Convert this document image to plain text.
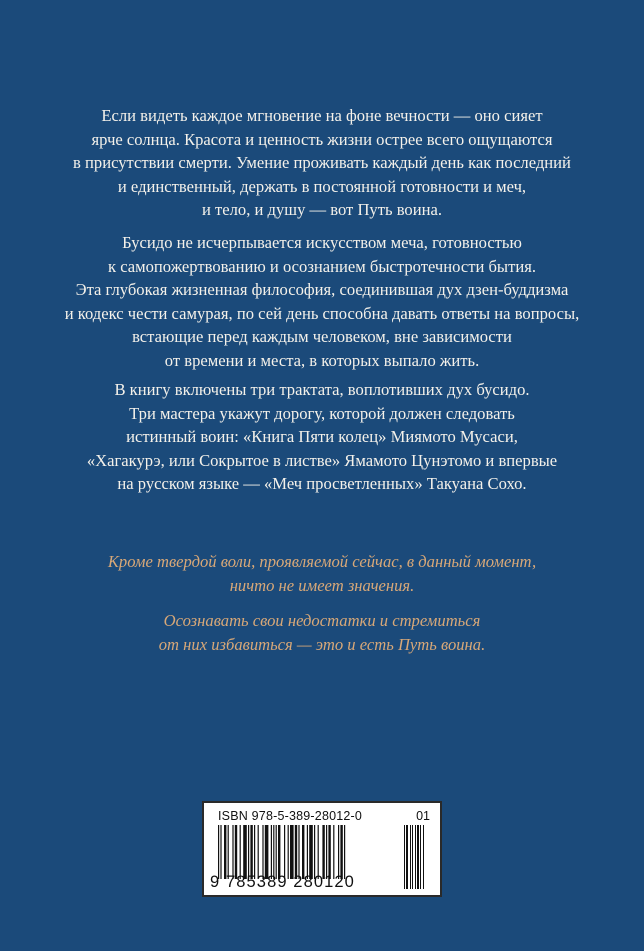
Если видеть каждое мгновение на фоне вечности — оно сияет
ярче солнца. Красота и ценность жизни острее всего ощущаются
в присутствии смерти. Умение проживать каждый день как последний
и единственный, держать в постоянной готовности и меч,
и тело, и душу — вот Путь воина.
Бусидо не исчерпывается искусством меча, готовностью
к самопожертвованию и осознанием быстротечности бытия.
Эта глубокая жизненная философия, соединившая дух дзен-буддизма
и кодекс чести самурая, по сей день способна давать ответы на вопросы,
встающие перед каждым человеком, вне зависимости
от времени и места, в которых выпало жить.
В книгу включены три трактата, воплотивших дух бусидо.
Три мастера укажут дорогу, которой должен следовать
истинный воин: «Книга Пяти колец» Миямото Мусаси,
«Хагакурэ, или Сокрытое в листве» Ямамото Цунэтомо и впервые
на русском языке — «Меч просветленных» Такуана Сохо.
Кроме твердой воли, проявляемой сейчас, в данный момент,
ничто не имеет значения.
Осознавать свои недостатки и стремиться
от них избавиться — это и есть Путь воина.
ISBN 978-5-389-28012-0	01
9 785389 280120
